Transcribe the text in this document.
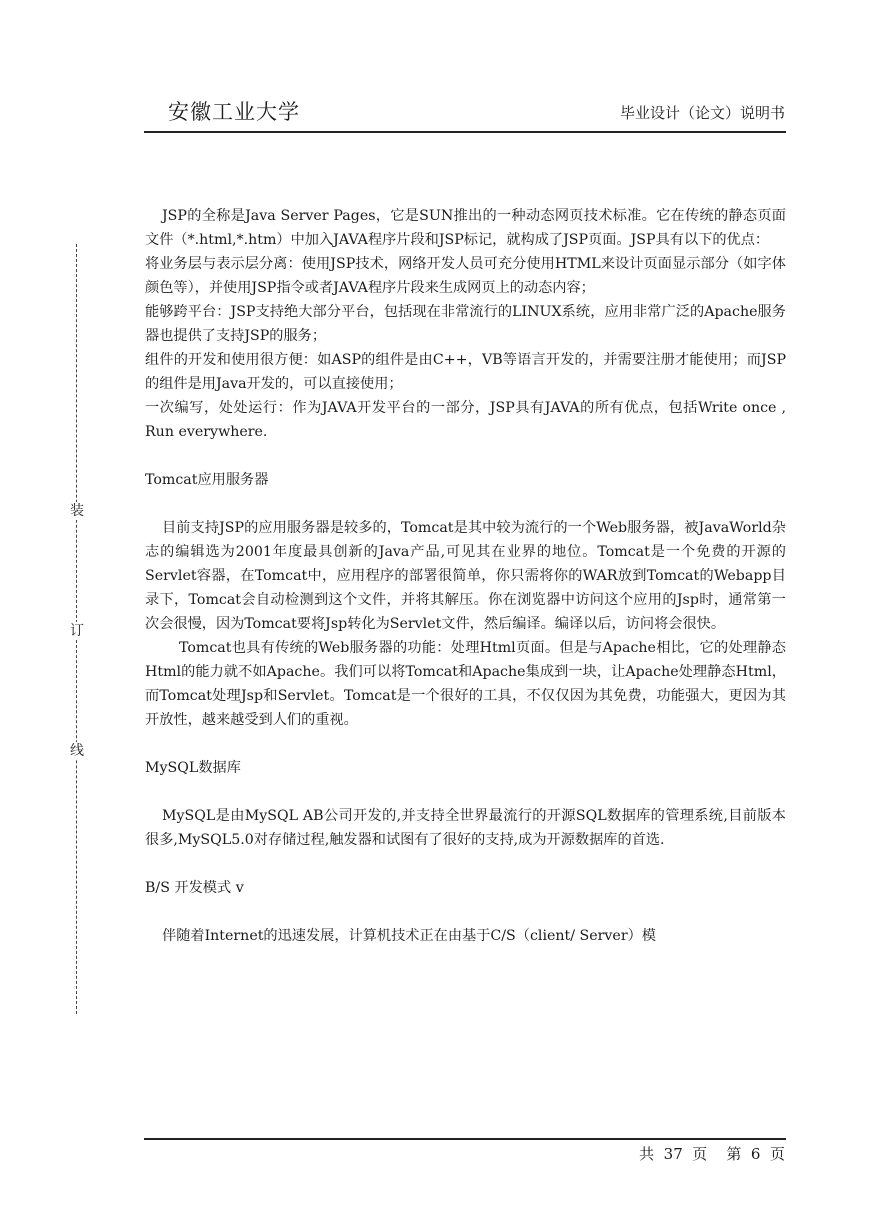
安徽工业大学	毕业设计（论文）说明书
装
订
线

JSP的全称是Java Server Pages，它是SUN推出的一种动态网页技术标准。它在传统的静态页面文件（*.html,*.htm）中加入JAVA程序片段和JSP标记，就构成了JSP页面。JSP具有以下的优点：

将业务层与表示层分离：使用JSP技术，网络开发人员可充分使用HTML来设计页面显示部分（如字体颜色等），并使用JSP指令或者JAVA程序片段来生成网页上的动态内容；

能够跨平台：JSP支持绝大部分平台，包括现在非常流行的LINUX系统，应用非常广泛的Apache服务器也提供了支持JSP的服务；

组件的开发和使用很方便：如ASP的组件是由C++，VB等语言开发的，并需要注册才能使用；而JSP的组件是用Java开发的，可以直接使用；

一次编写，处处运行：作为JAVA开发平台的一部分，JSP具有JAVA的所有优点，包括Write once , Run everywhere.

Tomcat应用服务器

目前支持JSP的应用服务器是较多的，Tomcat是其中较为流行的一个Web服务器，被JavaWorld杂志的编辑选为2001年度最具创新的Java产品,可见其在业界的地位。Tomcat是一个免费的开源的Servlet容器，在Tomcat中，应用程序的部署很简单，你只需将你的WAR放到Tomcat的Webapp目录下，Tomcat会自动检测到这个文件，并将其解压。你在浏览器中访问这个应用的Jsp时，通常第一次会很慢，因为Tomcat要将Jsp转化为Servlet文件，然后编译。编译以后，访问将会很快。

Tomcat也具有传统的Web服务器的功能：处理Html页面。但是与Apache相比，它的处理静态Html的能力就不如Apache。我们可以将Tomcat和Apache集成到一块，让Apache处理静态Html，而Tomcat处理Jsp和Servlet。Tomcat是一个很好的工具，不仅仅因为其免费，功能强大，更因为其开放性，越来越受到人们的重视。

MySQL数据库

MySQL是由MySQL AB公司开发的,并支持全世界最流行的开源SQL数据库的管理系统,目前版本很多,MySQL5.0对存储过程,触发器和试图有了很好的支持,成为开源数据库的首选.

B/S 开发模式 v

伴随着Internet的迅速发展，计算机技术正在由基于C/S（client/ Server）模

共  37  页    第  6  页
